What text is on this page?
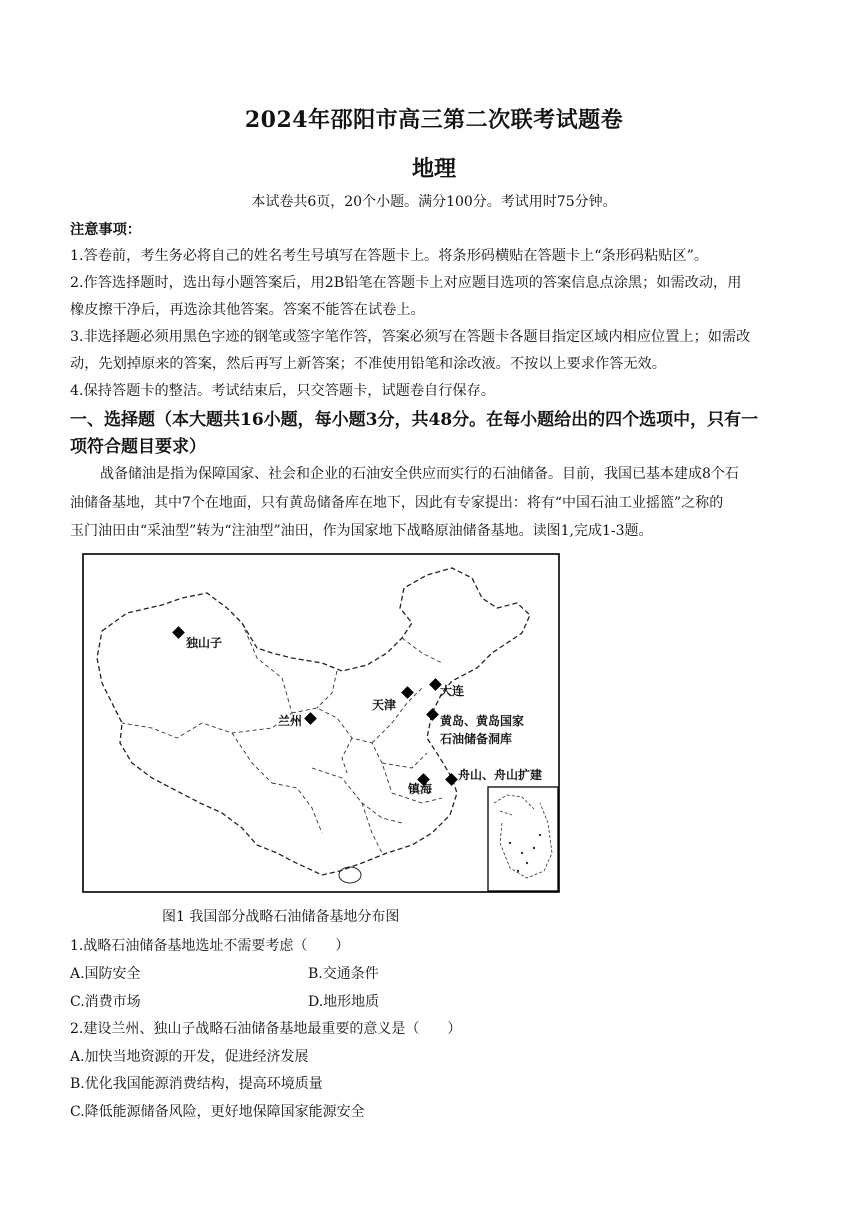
2024年邵阳市高三第二次联考试题卷
地理
本试卷共6页，20个小题。满分100分。考试用时75分钟。
注意事项：
1.答卷前，考生务必将自己的姓名考生号填写在答题卡上。将条形码横贴在答题卡上“条形码粘贴区”。
2.作答选择题时，选出每小题答案后，用2B铅笔在答题卡上对应题目选项的答案信息点涂黑；如需改动，用
橡皮擦干净后，再选涂其他答案。答案不能答在试卷上。
3.非选择题必须用黑色字迹的钢笔或签字笔作答，答案必须写在答题卡各题目指定区域内相应位置上；如需改
动，先划掉原来的答案，然后再写上新答案；不准使用铅笔和涂改液。不按以上要求作答无效。
4.保持答题卡的整洁。考试结束后，只交答题卡，试题卷自行保存。
一、选择题（本大题共16小题，每小题3分，共48分。在每小题给出的四个选项中，只有一
项符合题目要求）
战备储油是指为保障国家、社会和企业的石油安全供应而实行的石油储备。目前，我国已基本建成8个石
油储备基地，其中7个在地面，只有黄岛储备库在地下，因此有专家提出：将有“中国石油工业摇篮”之称的
玉门油田由“采油型”转为“注油型”油田，作为国家地下战略原油储备基地。读图1,完成1-3题。
独山子
兰州
天津
大连
黄岛、黄岛国家
石油储备洞库
舟山、舟山扩建
镇海
图1 我国部分战略石油储备基地分布图
1.战略石油储备基地选址不需要考虑（　　）
A.国防安全	B.交通条件
C.消费市场	D.地形地质
2.建设兰州、独山子战略石油储备基地最重要的意义是（　　）
A.加快当地资源的开发，促进经济发展
B.优化我国能源消费结构，提高环境质量
C.降低能源储备风险，更好地保障国家能源安全
